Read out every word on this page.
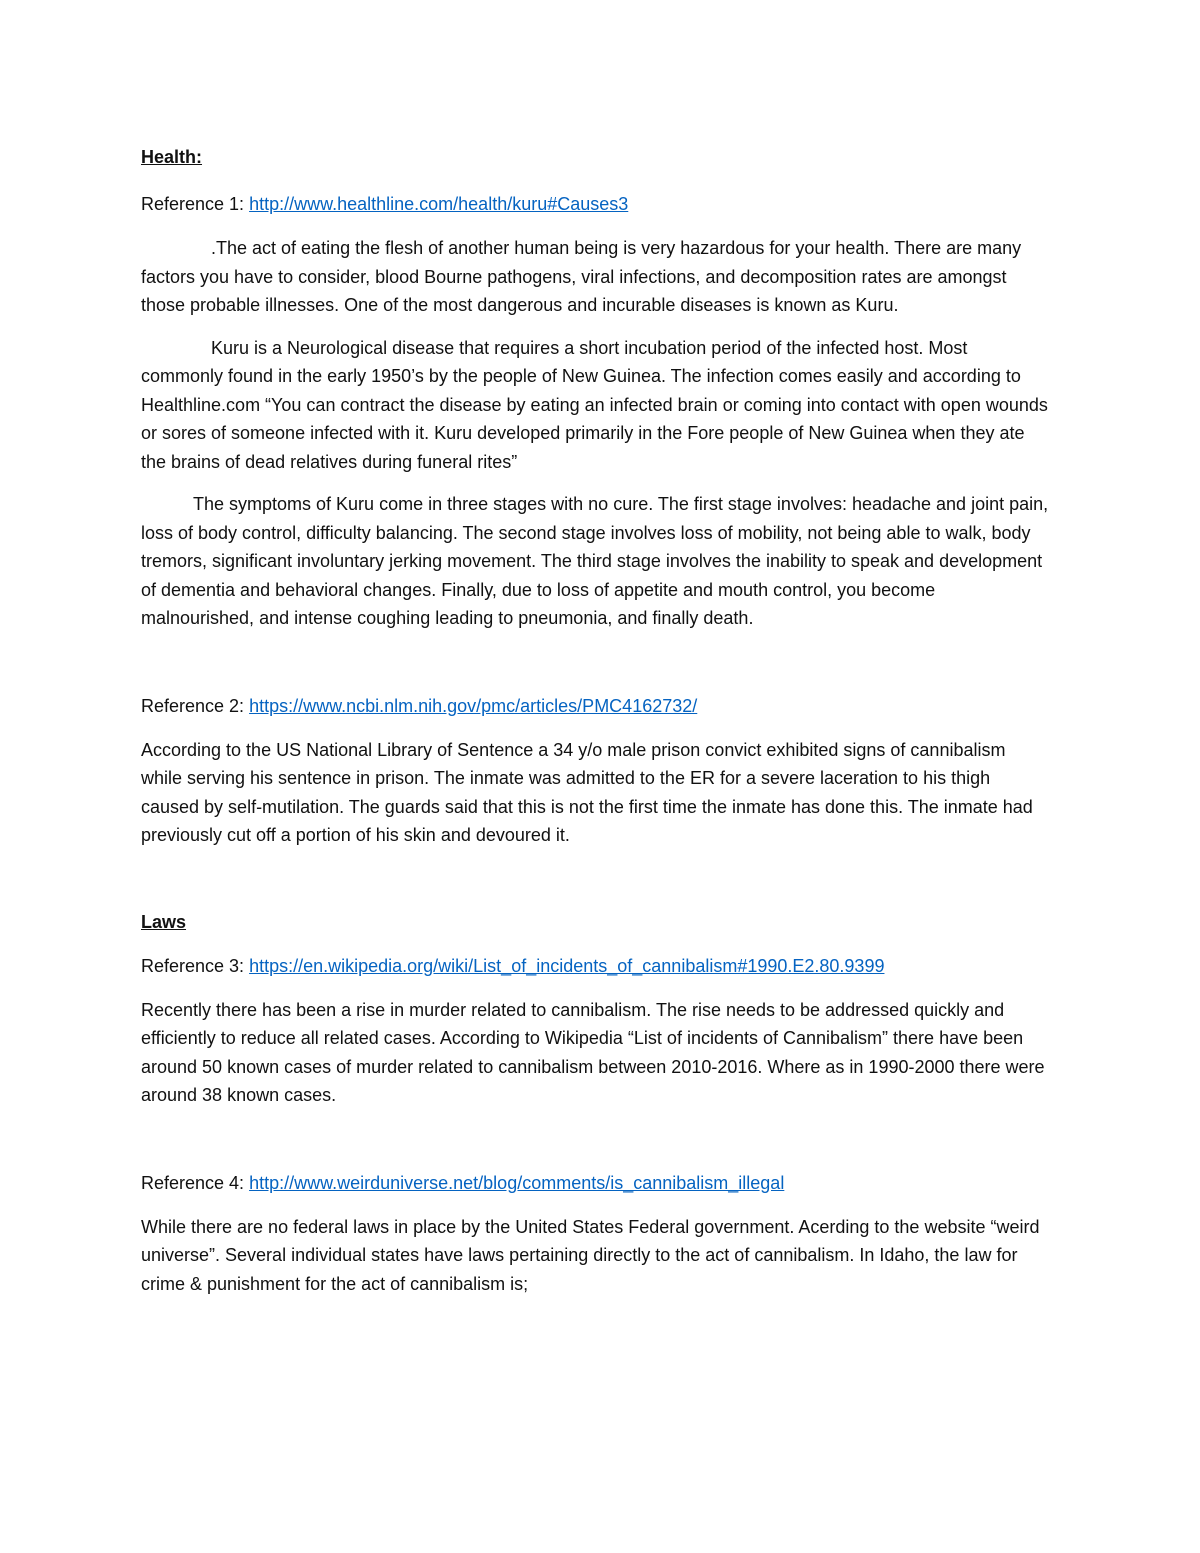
Health:

Reference 1: http://www.healthline.com/health/kuru#Causes3

.The act of eating the flesh of another human being is very hazardous for your health. There are many factors you have to consider, blood Bourne pathogens, viral infections, and decomposition rates are amongst those probable illnesses. One of the most dangerous and incurable diseases is known as Kuru.

Kuru is a Neurological disease that requires a short incubation period of the infected host. Most commonly found in the early 1950’s by the people of New Guinea. The infection comes easily and according to Healthline.com “You can contract the disease by eating an infected brain or coming into contact with open wounds or sores of someone infected with it. Kuru developed primarily in the Fore people of New Guinea when they ate the brains of dead relatives during funeral rites”

The symptoms of Kuru come in three stages with no cure. The first stage involves: headache and joint pain, loss of body control, difficulty balancing. The second stage involves loss of mobility, not being able to walk, body tremors, significant involuntary jerking movement. The third stage involves the inability to speak and development of dementia and behavioral changes. Finally, due to loss of appetite and mouth control, you become malnourished, and intense coughing leading to pneumonia, and finally death.

Reference 2: https://www.ncbi.nlm.nih.gov/pmc/articles/PMC4162732/

According to the US National Library of Sentence a 34 y/o male prison convict exhibited signs of cannibalism while serving his sentence in prison. The inmate was admitted to the ER for a severe laceration to his thigh caused by self-mutilation. The guards said that this is not the first time the inmate has done this. The inmate had previously cut off a portion of his skin and devoured it.

Laws

Reference 3: https://en.wikipedia.org/wiki/List_of_incidents_of_cannibalism#1990.E2.80.9399

Recently there has been a rise in murder related to cannibalism. The rise needs to be addressed quickly and efficiently to reduce all related cases. According to Wikipedia “List of incidents of Cannibalism” there have been around 50 known cases of murder related to cannibalism between 2010-2016. Where as in 1990-2000 there were around 38 known cases.

Reference 4: http://www.weirduniverse.net/blog/comments/is_cannibalism_illegal

While there are no federal laws in place by the United States Federal government. Acerding to the website “weird universe”. Several individual states have laws pertaining directly to the act of cannibalism. In Idaho, the law for crime & punishment for the act of cannibalism is;
